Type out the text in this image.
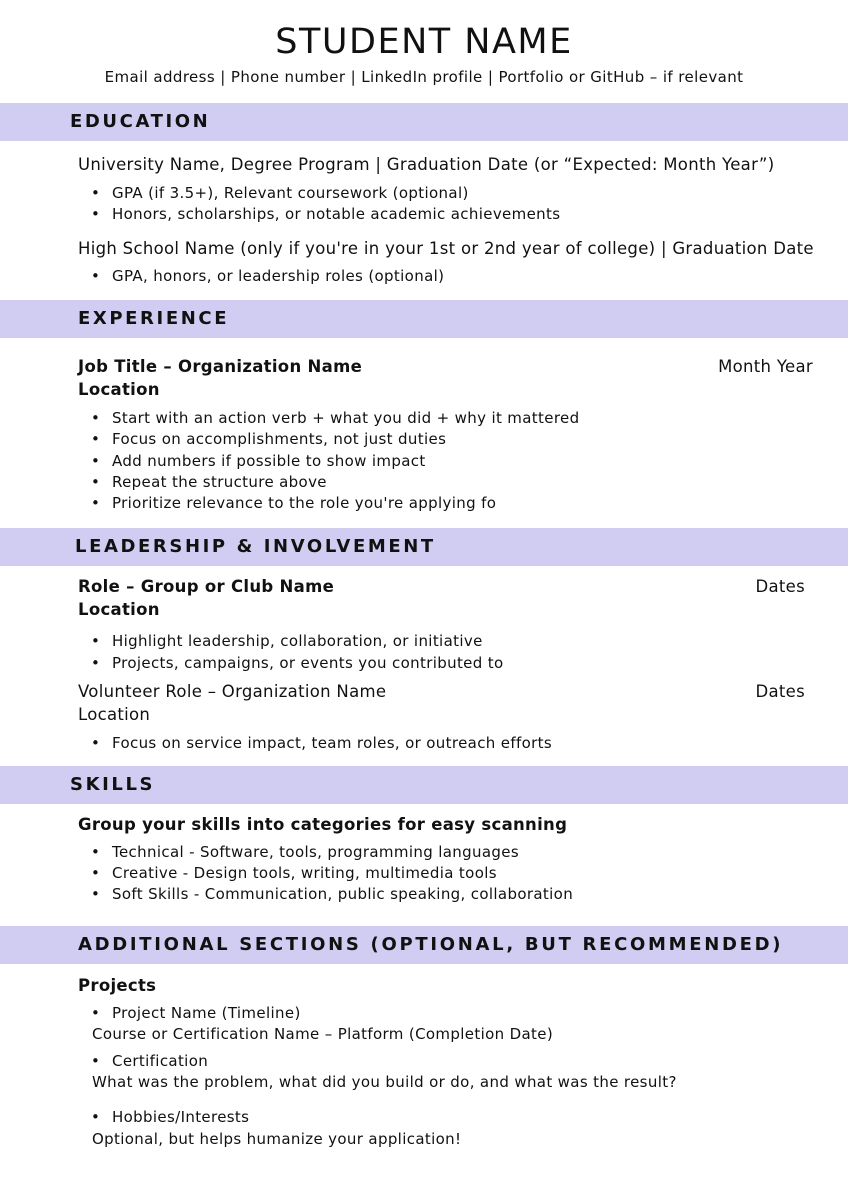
STUDENT NAME
Email address | Phone number | LinkedIn profile | Portfolio or GitHub – if relevant
EDUCATION
University Name, Degree Program | Graduation Date (or “Expected: Month Year”)
• GPA (if 3.5+), Relevant coursework (optional)
• Honors, scholarships, or notable academic achievements
High School Name (only if you're in your 1st or 2nd year of college) | Graduation Date
• GPA, honors, or leadership roles (optional)
EXPERIENCE
Job Title – Organization Name	Month Year
Location
• Start with an action verb + what you did + why it mattered
• Focus on accomplishments, not just duties
• Add numbers if possible to show impact
• Repeat the structure above
• Prioritize relevance to the role you're applying fo
LEADERSHIP & INVOLVEMENT
Role – Group or Club Name	Dates
Location
• Highlight leadership, collaboration, or initiative
• Projects, campaigns, or events you contributed to
Volunteer Role – Organization Name	Dates
Location
• Focus on service impact, team roles, or outreach efforts
SKILLS
Group your skills into categories for easy scanning
• Technical - Software, tools, programming languages
• Creative - Design tools, writing, multimedia tools
• Soft Skills - Communication, public speaking, collaboration
ADDITIONAL SECTIONS (OPTIONAL, BUT RECOMMENDED)
Projects
• Project Name (Timeline)
Course or Certification Name – Platform (Completion Date)
• Certification
What was the problem, what did you build or do, and what was the result?
• Hobbies/Interests
Optional, but helps humanize your application!
